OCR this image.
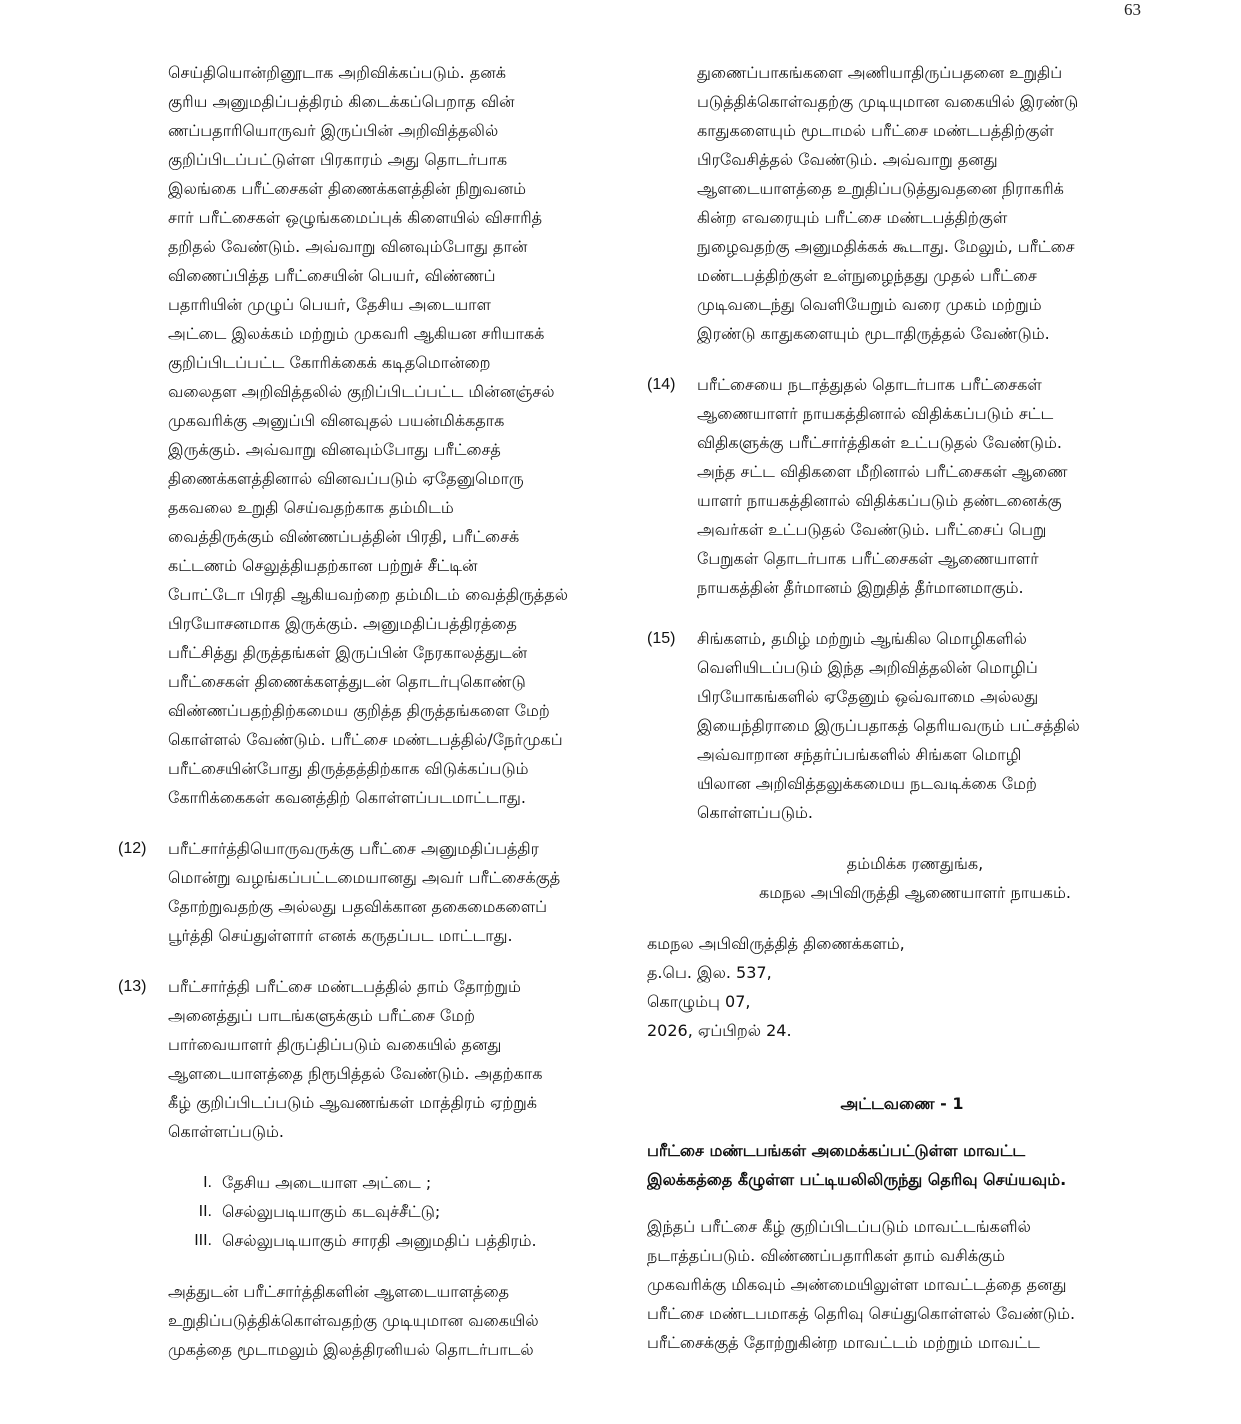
63
செய்தியொன்றினூடாக அறிவிக்கப்படும். தனக்
குரிய அனுமதிப்பத்திரம் கிடைக்கப்பெறாத வின்
ணப்பதாரியொருவர் இருப்பின் அறிவித்தலில்
குறிப்பிடப்பட்டுள்ள பிரகாரம் அது தொடர்பாக
இலங்கை பரீட்சைகள் திணைக்களத்தின் நிறுவனம்
சார் பரீட்சைகள் ஒழுங்கமைப்புக் கிளையில் விசாரித்
தறிதல் வேண்டும். அவ்வாறு வினவும்போது தான்
விணைப்பித்த பரீட்சையின் பெயர், விண்ணப்
பதாரியின் முழுப் பெயர், தேசிய அடையாள
அட்டை இலக்கம் மற்றும் முகவரி ஆகியன சரியாகக்
குறிப்பிடப்பட்ட கோரிக்கைக் கடிதமொன்றை
வலைதள அறிவித்தலில் குறிப்பிடப்பட்ட மின்னஞ்சல்
முகவரிக்கு அனுப்பி வினவுதல் பயன்மிக்கதாக
இருக்கும். அவ்வாறு வினவும்போது பரீட்சைத்
திணைக்களத்தினால் வினவப்படும் ஏதேனுமொரு
தகவலை உறுதி செய்வதற்காக தம்மிடம்
வைத்திருக்கும் விண்ணப்பத்தின் பிரதி, பரீட்சைக்
கட்டணம் செலுத்தியதற்கான பற்றுச் சீட்டின்
போட்டோ பிரதி ஆகியவற்றை தம்மிடம் வைத்திருத்தல்
பிரயோசனமாக இருக்கும். அனுமதிப்பத்திரத்தை
பரீட்சித்து திருத்தங்கள் இருப்பின் நேரகாலத்துடன்
பரீட்சைகள் திணைக்களத்துடன் தொடர்புகொண்டு
விண்ணப்பதற்திற்கமைய குறித்த திருத்தங்களை மேற்
கொள்ளல் வேண்டும். பரீட்சை மண்டபத்தில்/நேர்முகப்
பரீட்சையின்போது திருத்தத்திற்காக விடுக்கப்படும்
கோரிக்கைகள் கவனத்திற் கொள்ளப்படமாட்டாது.
(12) பரீட்சார்த்தியொருவருக்கு பரீட்சை அனுமதிப்பத்திர
மொன்று வழங்கப்பட்டமையானது அவர் பரீட்சைக்குத்
தோற்றுவதற்கு அல்லது பதவிக்கான தகைமைகளைப்
பூர்த்தி செய்துள்ளார் எனக் கருதப்பட மாட்டாது.
(13) பரீட்சார்த்தி பரீட்சை மண்டபத்தில் தாம் தோற்றும்
அனைத்துப் பாடங்களுக்கும் பரீட்சை மேற்
பார்வையாளர் திருப்திப்படும் வகையில் தனது
ஆளடையாளத்தை நிரூபித்தல் வேண்டும். அதற்காக
கீழ் குறிப்பிடப்படும் ஆவணங்கள் மாத்திரம் ஏற்றுக்
கொள்ளப்படும்.
I. தேசிய அடையாள அட்டை ;
II. செல்லுபடியாகும் கடவுச்சீட்டு;
III. செல்லுபடியாகும் சாரதி அனுமதிப் பத்திரம்.
அத்துடன் பரீட்சார்த்திகளின் ஆளடையாளத்தை
உறுதிப்படுத்திக்கொள்வதற்கு முடியுமான வகையில்
முகத்தை மூடாமலும் இலத்திரனியல் தொடர்பாடல்
துணைப்பாகங்களை அணியாதிருப்பதனை உறுதிப்
படுத்திக்கொள்வதற்கு முடியுமான வகையில் இரண்டு
காதுகளையும் மூடாமல் பரீட்சை மண்டபத்திற்குள்
பிரவேசித்தல் வேண்டும். அவ்வாறு தனது
ஆளடையாளத்தை உறுதிப்படுத்துவதனை நிராகரிக்
கின்ற எவரையும் பரீட்சை மண்டபத்திற்குள்
நுழைவதற்கு அனுமதிக்கக் கூடாது. மேலும், பரீட்சை
மண்டபத்திற்குள் உள்நுழைந்தது முதல் பரீட்சை
முடிவடைந்து வெளியேறும் வரை முகம் மற்றும்
இரண்டு காதுகளையும் மூடாதிருத்தல் வேண்டும்.
(14) பரீட்சையை நடாத்துதல் தொடர்பாக பரீட்சைகள்
ஆணையாளர் நாயகத்தினால் விதிக்கப்படும் சட்ட
விதிகளுக்கு பரீட்சார்த்திகள் உட்படுதல் வேண்டும்.
அந்த சட்ட விதிகளை மீறினால் பரீட்சைகள் ஆணை
யாளர் நாயகத்தினால் விதிக்கப்படும் தண்டனைக்கு
அவர்கள் உட்படுதல் வேண்டும். பரீட்சைப் பெறு
பேறுகள் தொடர்பாக பரீட்சைகள் ஆணையாளர்
நாயகத்தின் தீர்மானம் இறுதித் தீர்மானமாகும்.
(15) சிங்களம், தமிழ் மற்றும் ஆங்கில மொழிகளில்
வெளியிடப்படும் இந்த அறிவித்தலின் மொழிப்
பிரயோகங்களில் ஏதேனும் ஒவ்வாமை அல்லது
இயைந்திராமை இருப்பதாகத் தெரியவரும் பட்சத்தில்
அவ்வாறான சந்தர்ப்பங்களில் சிங்கள மொழி
யிலான அறிவித்தலுக்கமைய நடவடிக்கை மேற்
கொள்ளப்படும்.
தம்மிக்க ரணதுங்க,
கமநல அபிவிருத்தி ஆணையாளர் நாயகம்.
கமநல அபிவிருத்தித் திணைக்களம்,
த.பெ. இல. 537,
கொழும்பு 07,
2026, ஏப்பிறல் 24.
அட்டவணை - 1
பரீட்சை மண்டபங்கள் அமைக்கப்பட்டுள்ள மாவட்ட
இலக்கத்தை கீழுள்ள பட்டியலிலிருந்து தெரிவு செய்யவும்.
இந்தப் பரீட்சை கீழ் குறிப்பிடப்படும் மாவட்டங்களில்
நடாத்தப்படும். விண்ணப்பதாரிகள் தாம் வசிக்கும்
முகவரிக்கு மிகவும் அண்மையிலுள்ள மாவட்டத்தை தனது
பரீட்சை மண்டபமாகத் தெரிவு செய்துகொள்ளல் வேண்டும்.
பரீட்சைக்குத் தோற்றுகின்ற மாவட்டம் மற்றும் மாவட்ட
